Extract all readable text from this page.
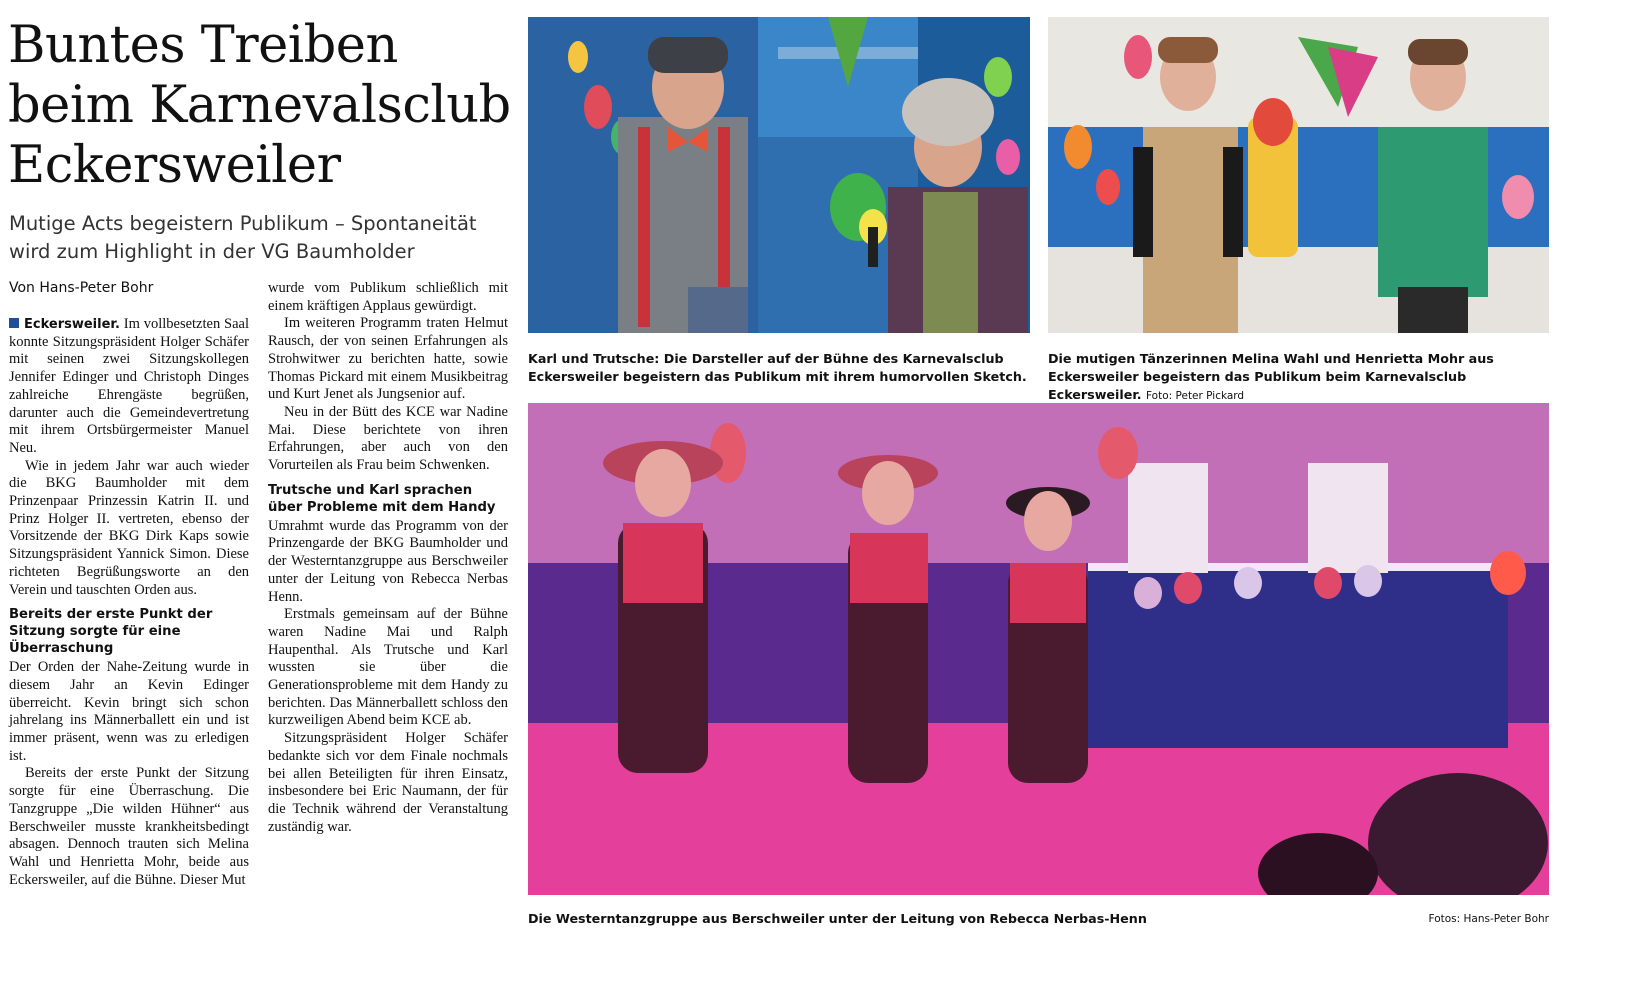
Buntes Treiben beim Karnevalsclub Eckersweiler
Mutige Acts begeistern Publikum – Spontaneität wird zum Highlight in der VG Baumholder
Von Hans-Peter Bohr

Eckersweiler. Im vollbesetzten Saal konnte Sitzungspräsident Holger Schäfer mit seinen zwei Sitzungskollegen Jennifer Edinger und Christoph Dinges zahlreiche Ehrengäste begrüßen, darunter auch die Gemeindevertretung mit ihrem Ortsbürgermeister Manuel Neu.

Wie in jedem Jahr war auch wieder die BKG Baumholder mit dem Prinzenpaar Prinzessin Katrin II. und Prinz Holger II. vertreten, ebenso der Vorsitzende der BKG Dirk Kaps sowie Sitzungspräsident Yannick Simon. Diese richteten Begrüßungsworte an den Verein und tauschten Orden aus.

Bereits der erste Punkt der Sitzung sorgte für eine Überraschung

Der Orden der Nahe-Zeitung wurde in diesem Jahr an Kevin Edinger überreicht. Kevin bringt sich schon jahrelang ins Männerballett ein und ist immer präsent, wenn was zu erledigen ist.

Bereits der erste Punkt der Sitzung sorgte für eine Überraschung. Die Tanzgruppe „Die wilden Hühner“ aus Berschweiler musste krankheitsbedingt absagen. Dennoch trauten sich Melina Wahl und Henrietta Mohr, beide aus Eckersweiler, auf die Bühne. Dieser Mut

wurde vom Publikum schließlich mit einem kräftigen Applaus gewürdigt.

Im weiteren Programm traten Helmut Rausch, der von seinen Erfahrungen als Strohwitwer zu berichten hatte, sowie Thomas Pickard mit einem Musikbeitrag und Kurt Jenet als Jungsenior auf.

Neu in der Bütt des KCE war Nadine Mai. Diese berichtete von ihren Erfahrungen, aber auch von den Vorurteilen als Frau beim Schwenken.

Trutsche und Karl sprachen über Probleme mit dem Handy

Umrahmt wurde das Programm von der Prinzengarde der BKG Baumholder und der Westerntanzgruppe aus Berschweiler unter der Leitung von Rebecca Nerbas Henn.

Erstmals gemeinsam auf der Bühne waren Nadine Mai und Ralph Haupenthal. Als Trutsche und Karl wussten sie über die Generationsprobleme mit dem Handy zu berichten. Das Männerballett schloss den kurzweiligen Abend beim KCE ab.

Sitzungspräsident Holger Schäfer bedankte sich vor dem Finale nochmals bei allen Beteiligten für ihren Einsatz, insbesondere bei Eric Naumann, der für die Technik während der Veranstaltung zuständig war.

Karl und Trutsche: Die Darsteller auf der Bühne des Karnevalsclub Eckersweiler begeistern das Publikum mit ihrem humorvollen Sketch.
Die mutigen Tänzerinnen Melina Wahl und Henrietta Mohr aus Eckersweiler begeistern das Publikum beim Karnevalsclub Eckersweiler. Foto: Peter Pickard
Die Westerntanzgruppe aus Berschweiler unter der Leitung von Rebecca Nerbas-Henn	Fotos: Hans-Peter Bohr
